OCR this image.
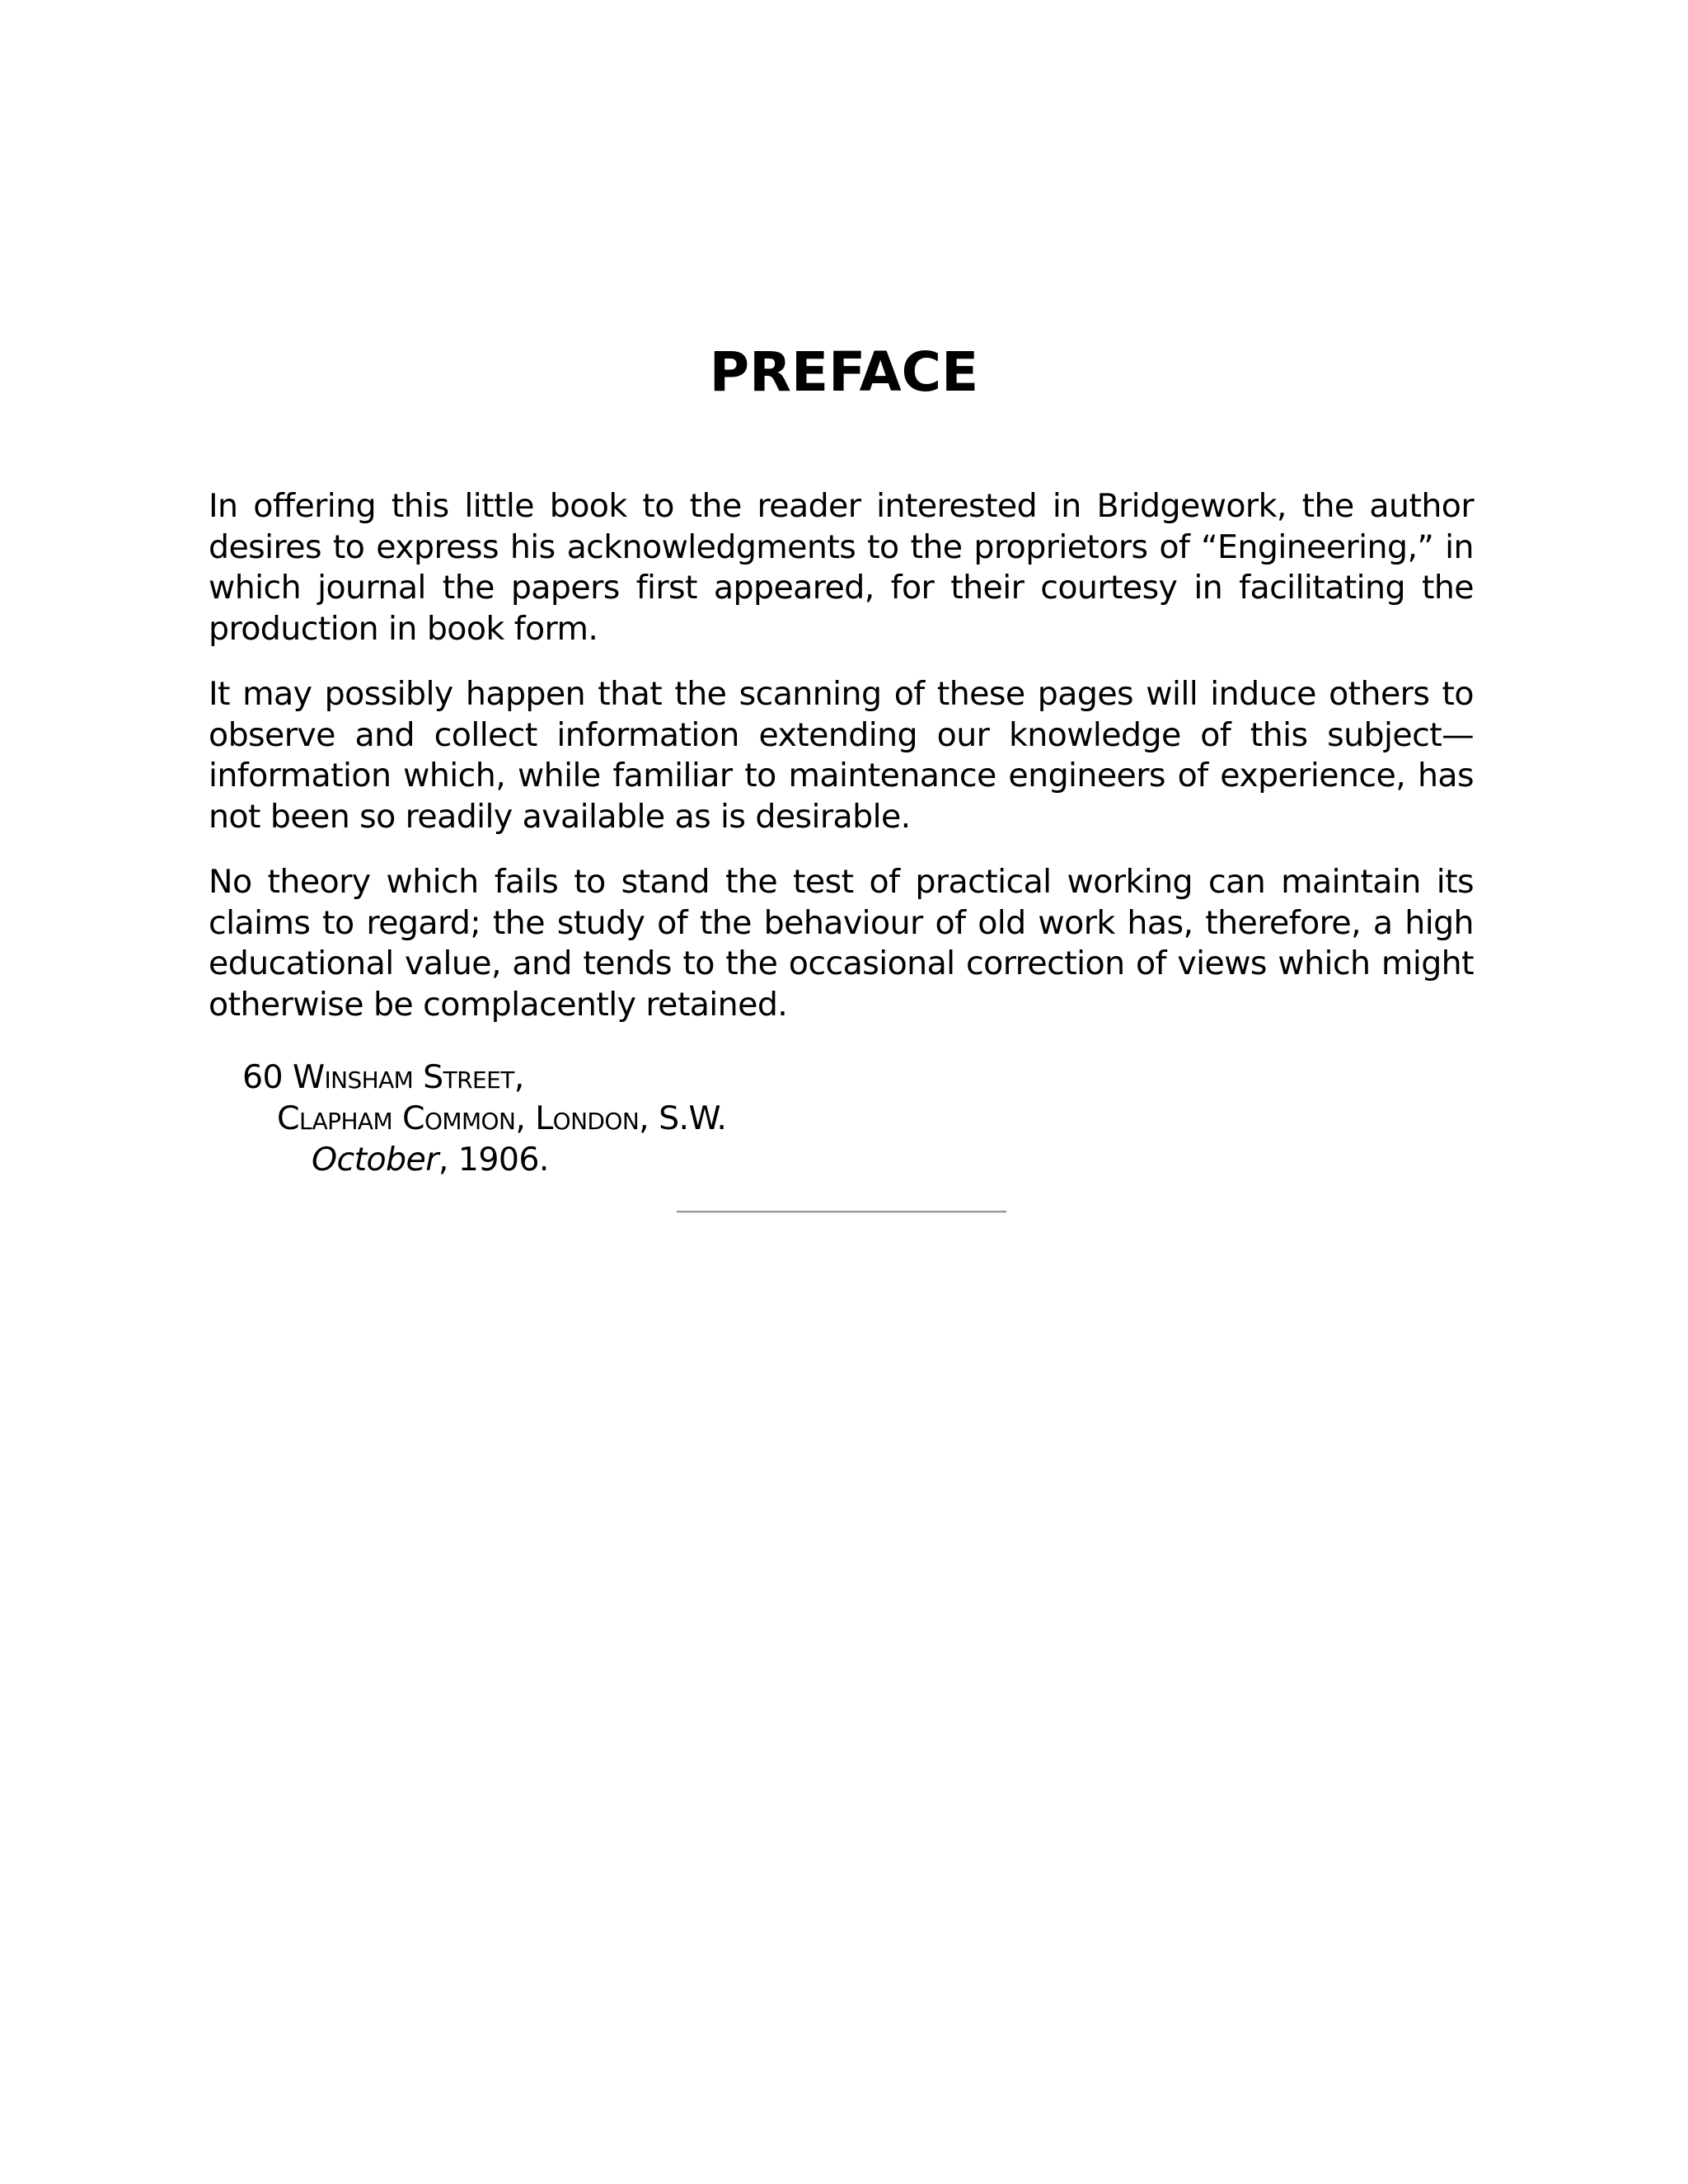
PREFACE

In offering this little book to the reader interested in Bridgework, the author desires to express his acknowledgments to the proprietors of “Engineering,” in which journal the papers first appeared, for their courtesy in facilitating the production in book form.

It may possibly happen that the scanning of these pages will induce others to observe and collect information extending our knowledge of this subject—information which, while familiar to maintenance engineers of experience, has not been so readily available as is desirable.

No theory which fails to stand the test of practical working can maintain its claims to regard; the study of the behaviour of old work has, therefore, a high educational value, and tends to the occasional correction of views which might otherwise be complacently retained.

60 Winsham Street,
Clapham Common, London, S.W.
October, 1906.
